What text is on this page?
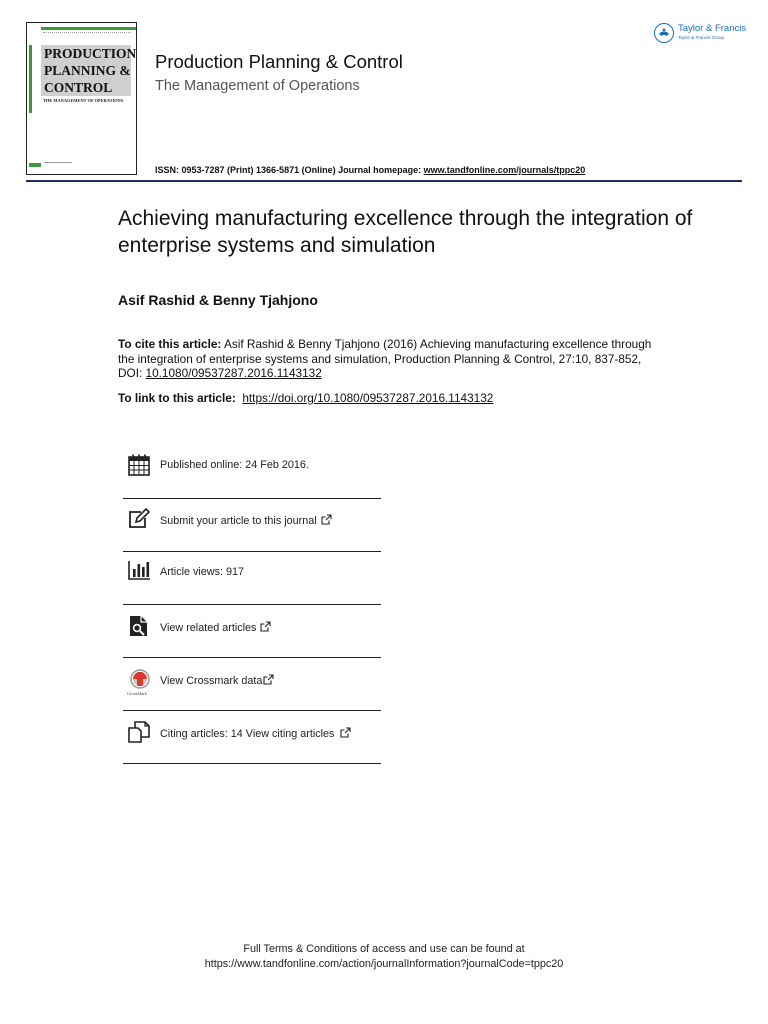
PRODUCTION
PLANNING &
CONTROL
THE MANAGEMENT OF OPERATIONS
Production Planning & Control
The Management of Operations
ISSN: 0953-7287 (Print) 1366-5871 (Online) Journal homepage: www.tandfonline.com/journals/tppc20
Taylor & Francis
Taylor & Francis Group
Achieving manufacturing excellence through the integration of enterprise systems and simulation
Asif Rashid & Benny Tjahjono
To cite this article: Asif Rashid & Benny Tjahjono (2016) Achieving manufacturing excellence through the integration of enterprise systems and simulation, Production Planning & Control, 27:10, 837-852, DOI: 10.1080/09537287.2016.1143132
To link to this article: https://doi.org/10.1080/09537287.2016.1143132
Published online: 24 Feb 2016.
Submit your article to this journal
Article views: 917
View related articles
CrossMark
View Crossmark data
Citing articles: 14 View citing articles
Full Terms & Conditions of access and use can be found at
https://www.tandfonline.com/action/journalInformation?journalCode=tppc20
